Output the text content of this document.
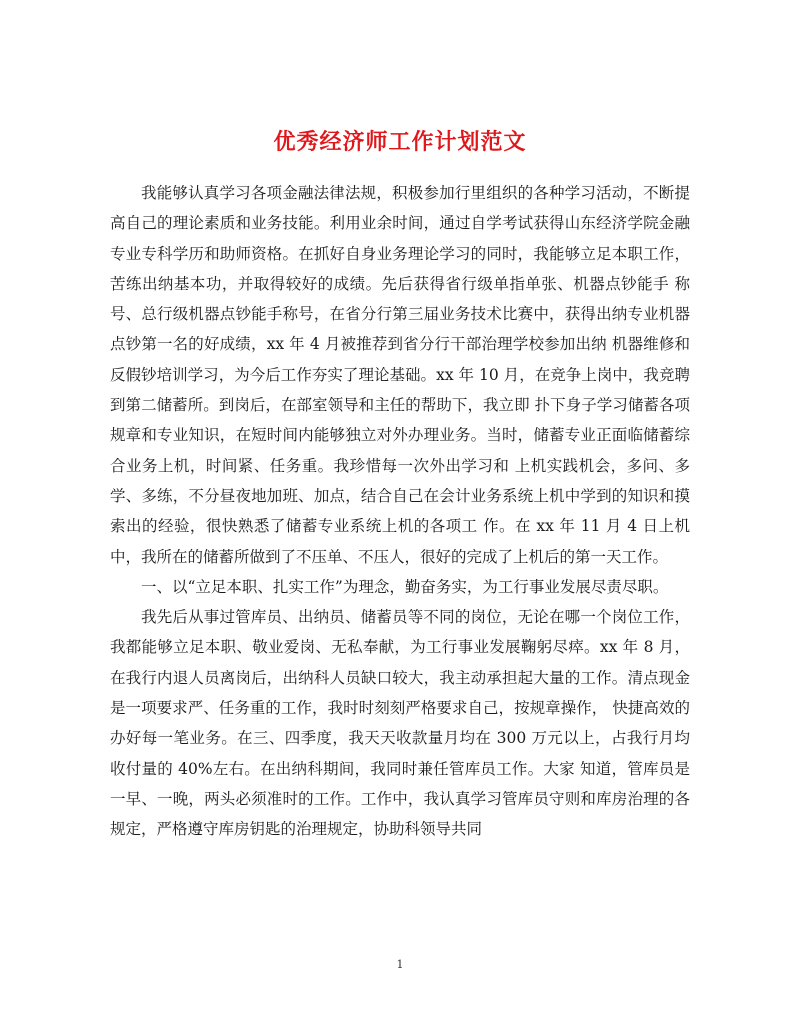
优秀经济师工作计划范文

我能够认真学习各项金融法律法规，积极参加行里组织的各种学习活动，不断提高自己的理论素质和业务技能。利用业余时间，通过自学考试获得山东经济学院金融 专业专科学历和助师资格。在抓好自身业务理论学习的同时，我能够立足本职工作，苦练出纳基本功，并取得较好的成绩。先后获得省行级单指单张、机器点钞能手 称号、总行级机器点钞能手称号，在省分行第三届业务技术比赛中，获得出纳专业机器点钞第一名的好成绩，xx 年 4 月被推荐到省分行干部治理学校参加出纳 机器维修和反假钞培训学习，为今后工作夯实了理论基础。xx 年 10 月，在竞争上岗中，我竞聘到第二储蓄所。到岗后，在部室领导和主任的帮助下，我立即 扑下身子学习储蓄各项规章和专业知识，在短时间内能够独立对外办理业务。当时，储蓄专业正面临储蓄综合业务上机，时间紧、任务重。我珍惜每一次外出学习和 上机实践机会，多问、多学、多练，不分昼夜地加班、加点，结合自己在会计业务系统上机中学到的知识和摸索出的经验，很快熟悉了储蓄专业系统上机的各项工 作。在 xx 年 11 月 4 日上机中，我所在的储蓄所做到了不压单、不压人，很好的完成了上机后的第一天工作。

一、以“立足本职、扎实工作”为理念，勤奋务实，为工行事业发展尽责尽职。

我先后从事过管库员、出纳员、储蓄员等不同的岗位，无论在哪一个岗位工作，我都能够立足本职、敬业爱岗、无私奉献，为工行事业发展鞠躬尽瘁。xx 年 8 月，在我行内退人员离岗后，出纳科人员缺口较大，我主动承担起大量的工作。清点现金是一项要求严、任务重的工作，我时时刻刻严格要求自己，按规章操作， 快捷高效的办好每一笔业务。在三、四季度，我天天收款量月均在 300 万元以上，占我行月均收付量的 40%左右。在出纳科期间，我同时兼任管库员工作。大家 知道，管库员是一早、一晚，两头必须准时的工作。工作中，我认真学习管库员守则和库房治理的各规定，严格遵守库房钥匙的治理规定，协助科领导共同

1
